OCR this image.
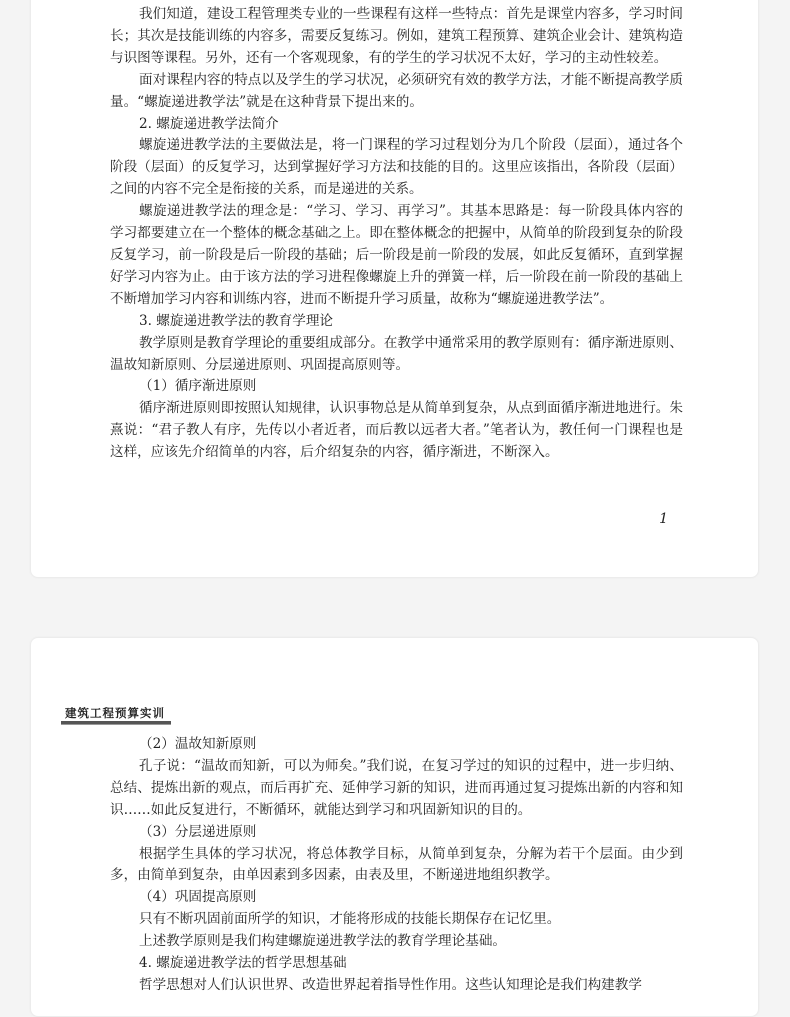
我们知道，建设工程管理类专业的一些课程有这样一些特点：首先是课堂内容多，学习时间长；其次是技能训练的内容多，需要反复练习。例如，建筑工程预算、建筑企业会计、建筑构造与识图等课程。另外，还有一个客观现象，有的学生的学习状况不太好，学习的主动性较差。

面对课程内容的特点以及学生的学习状况，必须研究有效的教学方法，才能不断提高教学质量。“螺旋递进教学法”就是在这种背景下提出来的。

2. 螺旋递进教学法简介

螺旋递进教学法的主要做法是，将一门课程的学习过程划分为几个阶段（层面），通过各个阶段（层面）的反复学习，达到掌握好学习方法和技能的目的。这里应该指出，各阶段（层面）之间的内容不完全是衔接的关系，而是递进的关系。

螺旋递进教学法的理念是：“学习、学习、再学习”。其基本思路是：每一阶段具体内容的学习都要建立在一个整体的概念基础之上。即在整体概念的把握中，从简单的阶段到复杂的阶段反复学习，前一阶段是后一阶段的基础；后一阶段是前一阶段的发展，如此反复循环，直到掌握好学习内容为止。由于该方法的学习进程像螺旋上升的弹簧一样，后一阶段在前一阶段的基础上不断增加学习内容和训练内容，进而不断提升学习质量，故称为“螺旋递进教学法”。

3. 螺旋递进教学法的教育学理论

教学原则是教育学理论的重要组成部分。在教学中通常采用的教学原则有：循序渐进原则、温故知新原则、分层递进原则、巩固提高原则等。

（1）循序渐进原则

循序渐进原则即按照认知规律，认识事物总是从简单到复杂，从点到面循序渐进地进行。朱熹说：“君子教人有序，先传以小者近者，而后教以远者大者。”笔者认为，教任何一门课程也是这样，应该先介绍简单的内容，后介绍复杂的内容，循序渐进，不断深入。

1
建筑工程预算实训

（2）温故知新原则

孔子说：“温故而知新，可以为师矣。”我们说，在复习学过的知识的过程中，进一步归纳、总结、提炼出新的观点，而后再扩充、延伸学习新的知识，进而再通过复习提炼出新的内容和知识……如此反复进行，不断循环，就能达到学习和巩固新知识的目的。

（3）分层递进原则

根据学生具体的学习状况，将总体教学目标，从简单到复杂，分解为若干个层面。由少到多，由简单到复杂，由单因素到多因素，由表及里，不断递进地组织教学。

（4）巩固提高原则

只有不断巩固前面所学的知识，才能将形成的技能长期保存在记忆里。

上述教学原则是我们构建螺旋递进教学法的教育学理论基础。

4. 螺旋递进教学法的哲学思想基础

哲学思想对人们认识世界、改造世界起着指导性作用。这些认知理论是我们构建教学
